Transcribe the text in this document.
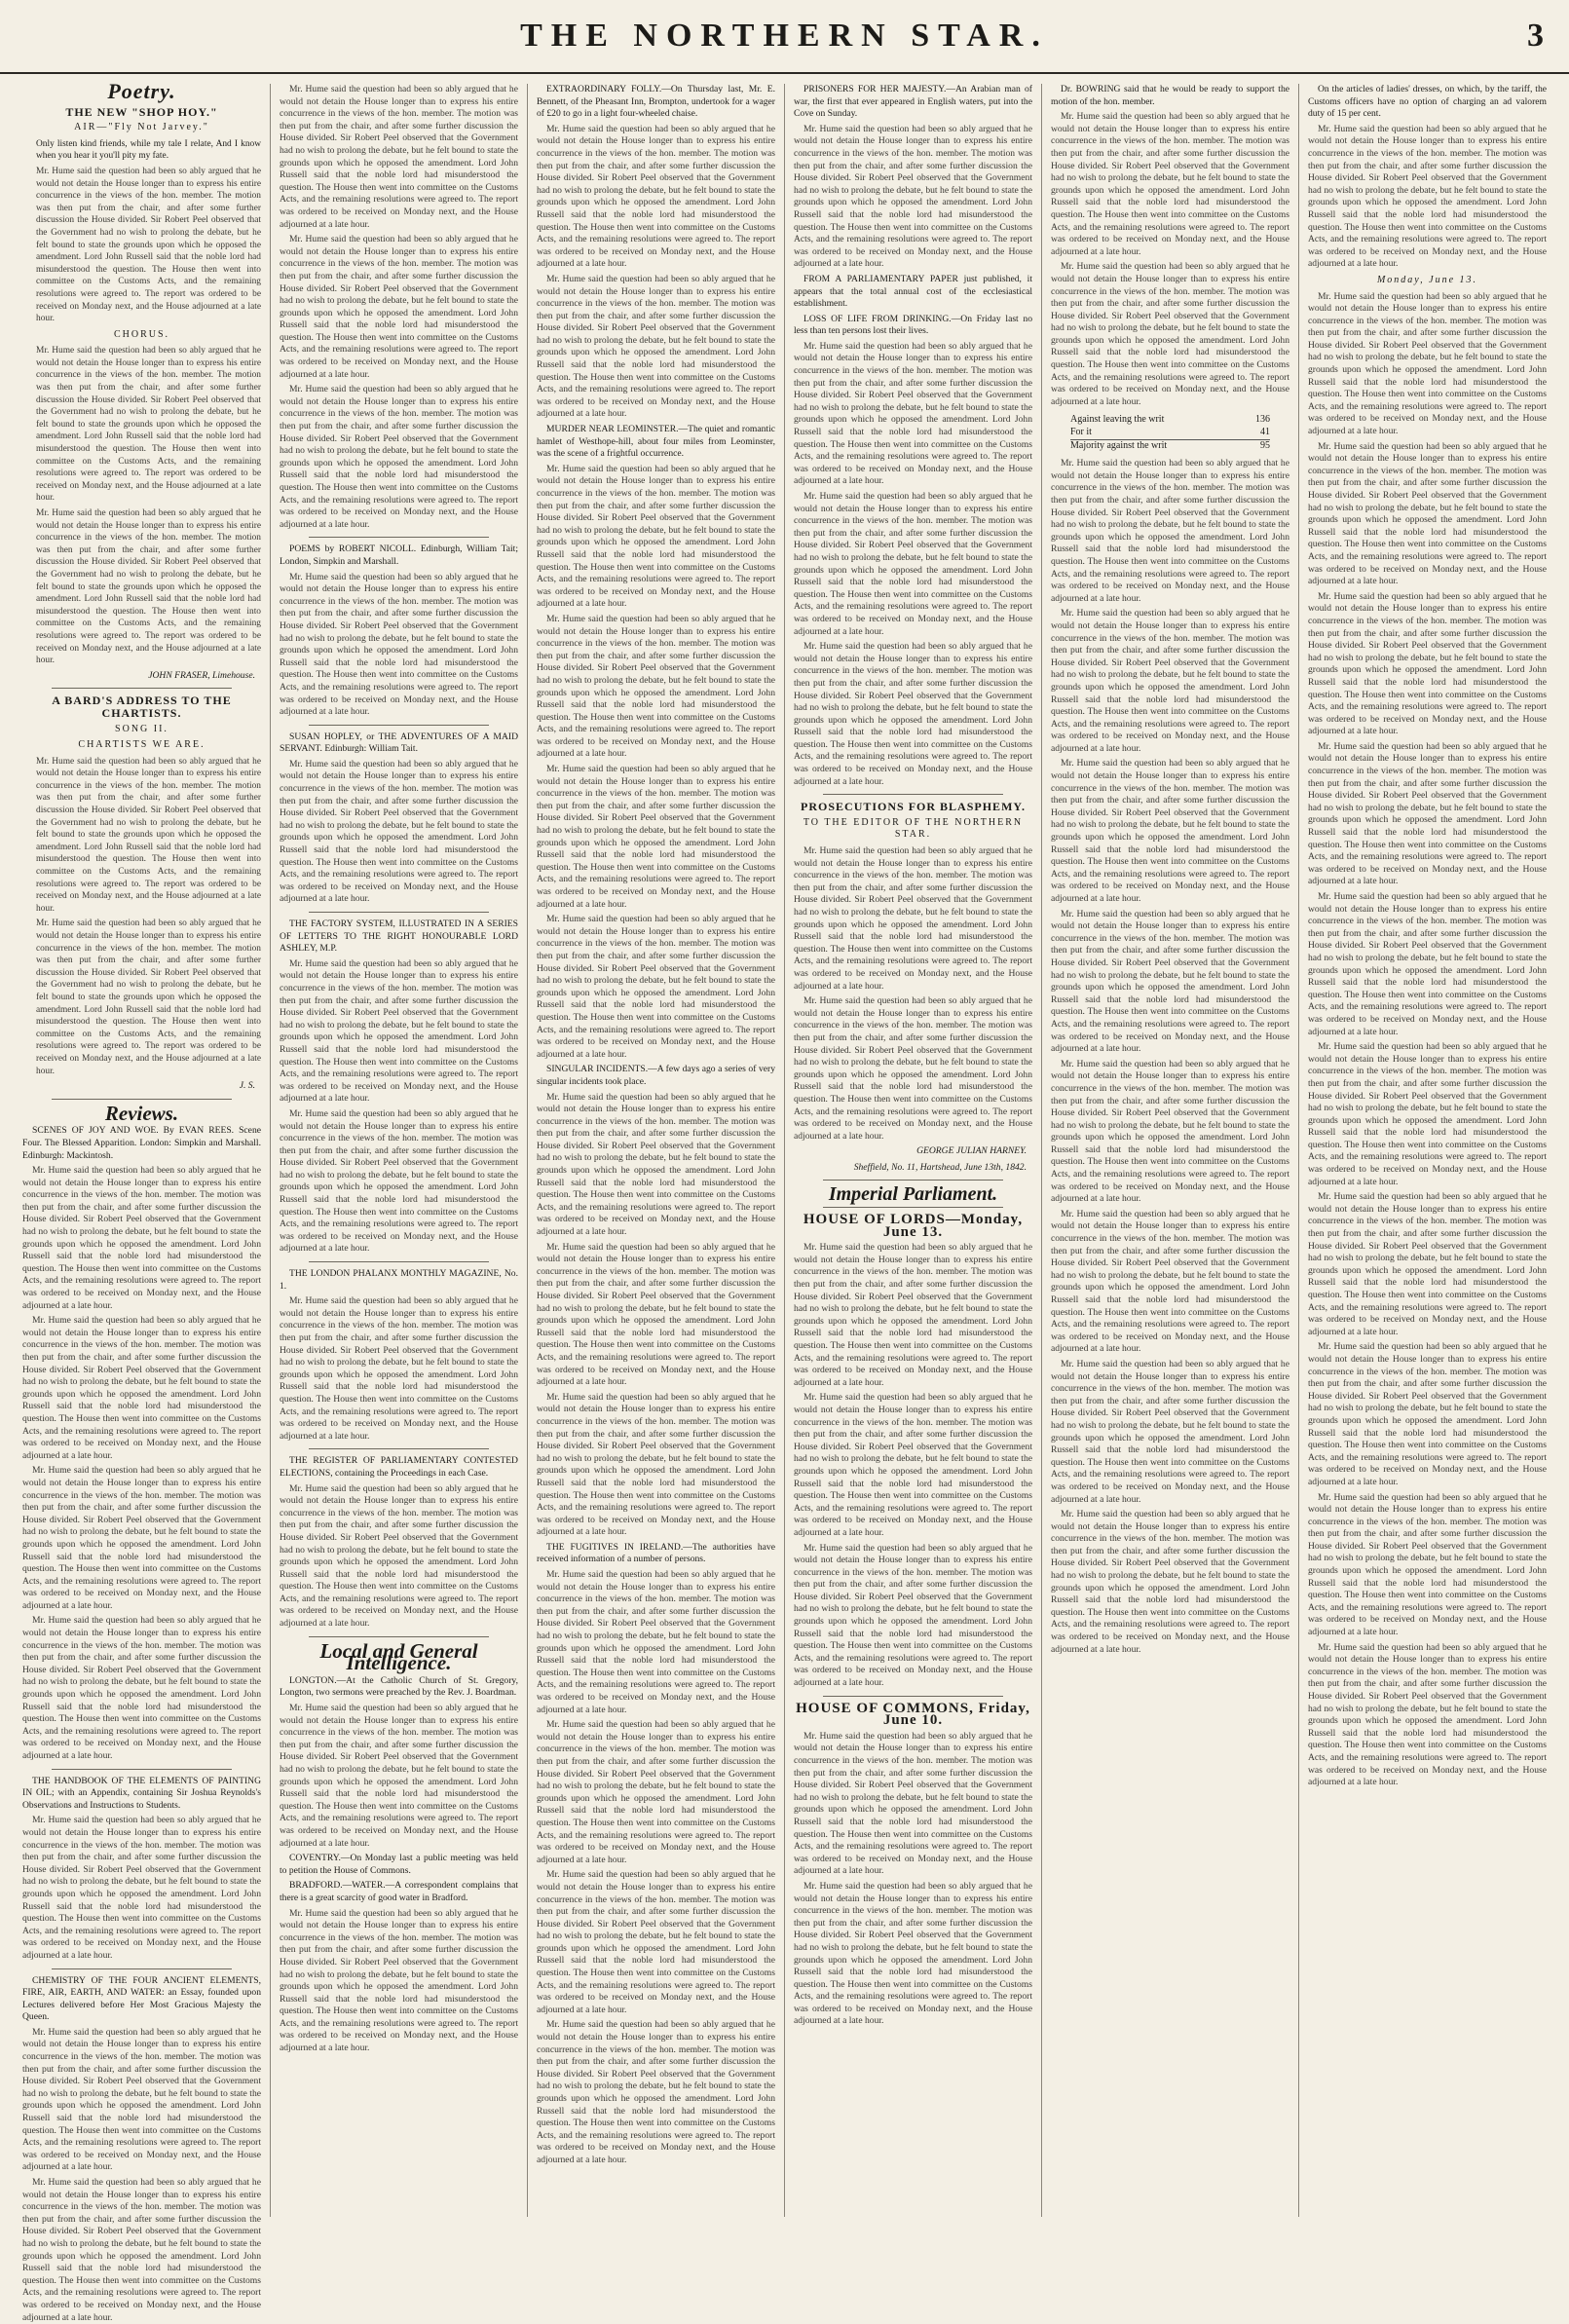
THE NORTHERN STAR.	3
Poetry.
THE NEW "SHOP HOY."
AIR—"Fly Not Jarvey."

Only listen kind friends, while my tale I relate, And I know when you hear it you'll pity my fate.

Mr. Hume said the question had been so ably argued that he would not detain the House longer than to express his entire concurrence in the views of the hon. member. The motion was then put from the chair, and after some further discussion the House divided. Sir Robert Peel observed that the Government had no wish to prolong the debate, but he felt bound to state the grounds upon which he opposed the amendment. Lord John Russell said that the noble lord had misunderstood the question. The House then went into committee on the Customs Acts, and the remaining resolutions were agreed to. The report was ordered to be received on Monday next, and the House adjourned at a late hour.

CHORUS.

Mr. Hume said the question had been so ably argued that he would not detain the House longer than to express his entire concurrence in the views of the hon. member. The motion was then put from the chair, and after some further discussion the House divided. Sir Robert Peel observed that the Government had no wish to prolong the debate, but he felt bound to state the grounds upon which he opposed the amendment. Lord John Russell said that the noble lord had misunderstood the question. The House then went into committee on the Customs Acts, and the remaining resolutions were agreed to. The report was ordered to be received on Monday next, and the House adjourned at a late hour.

Mr. Hume said the question had been so ably argued that he would not detain the House longer than to express his entire concurrence in the views of the hon. member. The motion was then put from the chair, and after some further discussion the House divided. Sir Robert Peel observed that the Government had no wish to prolong the debate, but he felt bound to state the grounds upon which he opposed the amendment. Lord John Russell said that the noble lord had misunderstood the question. The House then went into committee on the Customs Acts, and the remaining resolutions were agreed to. The report was ordered to be received on Monday next, and the House adjourned at a late hour.

JOHN FRASER, Limehouse.
A BARD'S ADDRESS TO THE CHARTISTS.
SONG II.
CHARTISTS WE ARE.

Mr. Hume said the question had been so ably argued that he would not detain the House longer than to express his entire concurrence in the views of the hon. member. The motion was then put from the chair, and after some further discussion the House divided. Sir Robert Peel observed that the Government had no wish to prolong the debate, but he felt bound to state the grounds upon which he opposed the amendment. Lord John Russell said that the noble lord had misunderstood the question. The House then went into committee on the Customs Acts, and the remaining resolutions were agreed to. The report was ordered to be received on Monday next, and the House adjourned at a late hour.

Mr. Hume said the question had been so ably argued that he would not detain the House longer than to express his entire concurrence in the views of the hon. member. The motion was then put from the chair, and after some further discussion the House divided. Sir Robert Peel observed that the Government had no wish to prolong the debate, but he felt bound to state the grounds upon which he opposed the amendment. Lord John Russell said that the noble lord had misunderstood the question. The House then went into committee on the Customs Acts, and the remaining resolutions were agreed to. The report was ordered to be received on Monday next, and the House adjourned at a late hour.

J. S.
Reviews.

SCENES OF JOY AND WOE. By EVAN REES. Scene Four. The Blessed Apparition. London: Simpkin and Marshall. Edinburgh: Mackintosh.

Mr. Hume said the question had been so ably argued that he would not detain the House longer than to express his entire concurrence in the views of the hon. member. The motion was then put from the chair, and after some further discussion the House divided. Sir Robert Peel observed that the Government had no wish to prolong the debate, but he felt bound to state the grounds upon which he opposed the amendment. Lord John Russell said that the noble lord had misunderstood the question. The House then went into committee on the Customs Acts, and the remaining resolutions were agreed to. The report was ordered to be received on Monday next, and the House adjourned at a late hour.

Mr. Hume said the question had been so ably argued that he would not detain the House longer than to express his entire concurrence in the views of the hon. member. The motion was then put from the chair, and after some further discussion the House divided. Sir Robert Peel observed that the Government had no wish to prolong the debate, but he felt bound to state the grounds upon which he opposed the amendment. Lord John Russell said that the noble lord had misunderstood the question. The House then went into committee on the Customs Acts, and the remaining resolutions were agreed to. The report was ordered to be received on Monday next, and the House adjourned at a late hour.

Mr. Hume said the question had been so ably argued that he would not detain the House longer than to express his entire concurrence in the views of the hon. member. The motion was then put from the chair, and after some further discussion the House divided. Sir Robert Peel observed that the Government had no wish to prolong the debate, but he felt bound to state the grounds upon which he opposed the amendment. Lord John Russell said that the noble lord had misunderstood the question. The House then went into committee on the Customs Acts, and the remaining resolutions were agreed to. The report was ordered to be received on Monday next, and the House adjourned at a late hour.

Mr. Hume said the question had been so ably argued that he would not detain the House longer than to express his entire concurrence in the views of the hon. member. The motion was then put from the chair, and after some further discussion the House divided. Sir Robert Peel observed that the Government had no wish to prolong the debate, but he felt bound to state the grounds upon which he opposed the amendment. Lord John Russell said that the noble lord had misunderstood the question. The House then went into committee on the Customs Acts, and the remaining resolutions were agreed to. The report was ordered to be received on Monday next, and the House adjourned at a late hour.

THE HANDBOOK OF THE ELEMENTS OF PAINTING IN OIL; with an Appendix, containing Sir Joshua Reynolds's Observations and Instructions to Students.

Mr. Hume said the question had been so ably argued that he would not detain the House longer than to express his entire concurrence in the views of the hon. member. The motion was then put from the chair, and after some further discussion the House divided. Sir Robert Peel observed that the Government had no wish to prolong the debate, but he felt bound to state the grounds upon which he opposed the amendment. Lord John Russell said that the noble lord had misunderstood the question. The House then went into committee on the Customs Acts, and the remaining resolutions were agreed to. The report was ordered to be received on Monday next, and the House adjourned at a late hour.

CHEMISTRY OF THE FOUR ANCIENT ELEMENTS, FIRE, AIR, EARTH, AND WATER: an Essay, founded upon Lectures delivered before Her Most Gracious Majesty the Queen.

Mr. Hume said the question had been so ably argued that he would not detain the House longer than to express his entire concurrence in the views of the hon. member. The motion was then put from the chair, and after some further discussion the House divided. Sir Robert Peel observed that the Government had no wish to prolong the debate, but he felt bound to state the grounds upon which he opposed the amendment. Lord John Russell said that the noble lord had misunderstood the question. The House then went into committee on the Customs Acts, and the remaining resolutions were agreed to. The report was ordered to be received on Monday next, and the House adjourned at a late hour.

Mr. Hume said the question had been so ably argued that he would not detain the House longer than to express his entire concurrence in the views of the hon. member. The motion was then put from the chair, and after some further discussion the House divided. Sir Robert Peel observed that the Government had no wish to prolong the debate, but he felt bound to state the grounds upon which he opposed the amendment. Lord John Russell said that the noble lord had misunderstood the question. The House then went into committee on the Customs Acts, and the remaining resolutions were agreed to. The report was ordered to be received on Monday next, and the House adjourned at a late hour.

Mr. Hume said the question had been so ably argued that he would not detain the House longer than to express his entire concurrence in the views of the hon. member. The motion was then put from the chair, and after some further discussion the House divided. Sir Robert Peel observed that the Government had no wish to prolong the debate, but he felt bound to state the grounds upon which he opposed the amendment. Lord John Russell said that the noble lord had misunderstood the question. The House then went into committee on the Customs Acts, and the remaining resolutions were agreed to. The report was ordered to be received on Monday next, and the House adjourned at a late hour.

Mr. Hume said the question had been so ably argued that he would not detain the House longer than to express his entire concurrence in the views of the hon. member. The motion was then put from the chair, and after some further discussion the House divided. Sir Robert Peel observed that the Government had no wish to prolong the debate, but he felt bound to state the grounds upon which he opposed the amendment. Lord John Russell said that the noble lord had misunderstood the question. The House then went into committee on the Customs Acts, and the remaining resolutions were agreed to. The report was ordered to be received on Monday next, and the House adjourned at a late hour.

Mr. Hume said the question had been so ably argued that he would not detain the House longer than to express his entire concurrence in the views of the hon. member. The motion was then put from the chair, and after some further discussion the House divided. Sir Robert Peel observed that the Government had no wish to prolong the debate, but he felt bound to state the grounds upon which he opposed the amendment. Lord John Russell said that the noble lord had misunderstood the question. The House then went into committee on the Customs Acts, and the remaining resolutions were agreed to. The report was ordered to be received on Monday next, and the House adjourned at a late hour.

POEMS by ROBERT NICOLL. Edinburgh, William Tait; London, Simpkin and Marshall.

Mr. Hume said the question had been so ably argued that he would not detain the House longer than to express his entire concurrence in the views of the hon. member. The motion was then put from the chair, and after some further discussion the House divided. Sir Robert Peel observed that the Government had no wish to prolong the debate, but he felt bound to state the grounds upon which he opposed the amendment. Lord John Russell said that the noble lord had misunderstood the question. The House then went into committee on the Customs Acts, and the remaining resolutions were agreed to. The report was ordered to be received on Monday next, and the House adjourned at a late hour.

SUSAN HOPLEY, or THE ADVENTURES OF A MAID SERVANT. Edinburgh: William Tait.

Mr. Hume said the question had been so ably argued that he would not detain the House longer than to express his entire concurrence in the views of the hon. member. The motion was then put from the chair, and after some further discussion the House divided. Sir Robert Peel observed that the Government had no wish to prolong the debate, but he felt bound to state the grounds upon which he opposed the amendment. Lord John Russell said that the noble lord had misunderstood the question. The House then went into committee on the Customs Acts, and the remaining resolutions were agreed to. The report was ordered to be received on Monday next, and the House adjourned at a late hour.

THE FACTORY SYSTEM, ILLUSTRATED IN A SERIES OF LETTERS TO THE RIGHT HONOURABLE LORD ASHLEY, M.P.

Mr. Hume said the question had been so ably argued that he would not detain the House longer than to express his entire concurrence in the views of the hon. member. The motion was then put from the chair, and after some further discussion the House divided. Sir Robert Peel observed that the Government had no wish to prolong the debate, but he felt bound to state the grounds upon which he opposed the amendment. Lord John Russell said that the noble lord had misunderstood the question. The House then went into committee on the Customs Acts, and the remaining resolutions were agreed to. The report was ordered to be received on Monday next, and the House adjourned at a late hour.

Mr. Hume said the question had been so ably argued that he would not detain the House longer than to express his entire concurrence in the views of the hon. member. The motion was then put from the chair, and after some further discussion the House divided. Sir Robert Peel observed that the Government had no wish to prolong the debate, but he felt bound to state the grounds upon which he opposed the amendment. Lord John Russell said that the noble lord had misunderstood the question. The House then went into committee on the Customs Acts, and the remaining resolutions were agreed to. The report was ordered to be received on Monday next, and the House adjourned at a late hour.

THE LONDON PHALANX MONTHLY MAGAZINE, No. 1.

Mr. Hume said the question had been so ably argued that he would not detain the House longer than to express his entire concurrence in the views of the hon. member. The motion was then put from the chair, and after some further discussion the House divided. Sir Robert Peel observed that the Government had no wish to prolong the debate, but he felt bound to state the grounds upon which he opposed the amendment. Lord John Russell said that the noble lord had misunderstood the question. The House then went into committee on the Customs Acts, and the remaining resolutions were agreed to. The report was ordered to be received on Monday next, and the House adjourned at a late hour.

THE REGISTER OF PARLIAMENTARY CONTESTED ELECTIONS, containing the Proceedings in each Case.

Mr. Hume said the question had been so ably argued that he would not detain the House longer than to express his entire concurrence in the views of the hon. member. The motion was then put from the chair, and after some further discussion the House divided. Sir Robert Peel observed that the Government had no wish to prolong the debate, but he felt bound to state the grounds upon which he opposed the amendment. Lord John Russell said that the noble lord had misunderstood the question. The House then went into committee on the Customs Acts, and the remaining resolutions were agreed to. The report was ordered to be received on Monday next, and the House adjourned at a late hour.

Local and General Intelligence.

LONGTON.—At the Catholic Church of St. Gregory, Longton, two sermons were preached by the Rev. J. Boardman.

Mr. Hume said the question had been so ably argued that he would not detain the House longer than to express his entire concurrence in the views of the hon. member. The motion was then put from the chair, and after some further discussion the House divided. Sir Robert Peel observed that the Government had no wish to prolong the debate, but he felt bound to state the grounds upon which he opposed the amendment. Lord John Russell said that the noble lord had misunderstood the question. The House then went into committee on the Customs Acts, and the remaining resolutions were agreed to. The report was ordered to be received on Monday next, and the House adjourned at a late hour.

COVENTRY.—On Monday last a public meeting was held to petition the House of Commons.

BRADFORD.—WATER.—A correspondent complains that there is a great scarcity of good water in Bradford.

Mr. Hume said the question had been so ably argued that he would not detain the House longer than to express his entire concurrence in the views of the hon. member. The motion was then put from the chair, and after some further discussion the House divided. Sir Robert Peel observed that the Government had no wish to prolong the debate, but he felt bound to state the grounds upon which he opposed the amendment. Lord John Russell said that the noble lord had misunderstood the question. The House then went into committee on the Customs Acts, and the remaining resolutions were agreed to. The report was ordered to be received on Monday next, and the House adjourned at a late hour.

EXTRAORDINARY FOLLY.—On Thursday last, Mr. E. Bennett, of the Pheasant Inn, Brompton, undertook for a wager of £20 to go in a light four-wheeled chaise.

Mr. Hume said the question had been so ably argued that he would not detain the House longer than to express his entire concurrence in the views of the hon. member. The motion was then put from the chair, and after some further discussion the House divided. Sir Robert Peel observed that the Government had no wish to prolong the debate, but he felt bound to state the grounds upon which he opposed the amendment. Lord John Russell said that the noble lord had misunderstood the question. The House then went into committee on the Customs Acts, and the remaining resolutions were agreed to. The report was ordered to be received on Monday next, and the House adjourned at a late hour.

Mr. Hume said the question had been so ably argued that he would not detain the House longer than to express his entire concurrence in the views of the hon. member. The motion was then put from the chair, and after some further discussion the House divided. Sir Robert Peel observed that the Government had no wish to prolong the debate, but he felt bound to state the grounds upon which he opposed the amendment. Lord John Russell said that the noble lord had misunderstood the question. The House then went into committee on the Customs Acts, and the remaining resolutions were agreed to. The report was ordered to be received on Monday next, and the House adjourned at a late hour.

MURDER NEAR LEOMINSTER.—The quiet and romantic hamlet of Westhope-hill, about four miles from Leominster, was the scene of a frightful occurrence.

Mr. Hume said the question had been so ably argued that he would not detain the House longer than to express his entire concurrence in the views of the hon. member. The motion was then put from the chair, and after some further discussion the House divided. Sir Robert Peel observed that the Government had no wish to prolong the debate, but he felt bound to state the grounds upon which he opposed the amendment. Lord John Russell said that the noble lord had misunderstood the question. The House then went into committee on the Customs Acts, and the remaining resolutions were agreed to. The report was ordered to be received on Monday next, and the House adjourned at a late hour.

Mr. Hume said the question had been so ably argued that he would not detain the House longer than to express his entire concurrence in the views of the hon. member. The motion was then put from the chair, and after some further discussion the House divided. Sir Robert Peel observed that the Government had no wish to prolong the debate, but he felt bound to state the grounds upon which he opposed the amendment. Lord John Russell said that the noble lord had misunderstood the question. The House then went into committee on the Customs Acts, and the remaining resolutions were agreed to. The report was ordered to be received on Monday next, and the House adjourned at a late hour.

Mr. Hume said the question had been so ably argued that he would not detain the House longer than to express his entire concurrence in the views of the hon. member. The motion was then put from the chair, and after some further discussion the House divided. Sir Robert Peel observed that the Government had no wish to prolong the debate, but he felt bound to state the grounds upon which he opposed the amendment. Lord John Russell said that the noble lord had misunderstood the question. The House then went into committee on the Customs Acts, and the remaining resolutions were agreed to. The report was ordered to be received on Monday next, and the House adjourned at a late hour.

Mr. Hume said the question had been so ably argued that he would not detain the House longer than to express his entire concurrence in the views of the hon. member. The motion was then put from the chair, and after some further discussion the House divided. Sir Robert Peel observed that the Government had no wish to prolong the debate, but he felt bound to state the grounds upon which he opposed the amendment. Lord John Russell said that the noble lord had misunderstood the question. The House then went into committee on the Customs Acts, and the remaining resolutions were agreed to. The report was ordered to be received on Monday next, and the House adjourned at a late hour.

SINGULAR INCIDENTS.—A few days ago a series of very singular incidents took place.

Mr. Hume said the question had been so ably argued that he would not detain the House longer than to express his entire concurrence in the views of the hon. member. The motion was then put from the chair, and after some further discussion the House divided. Sir Robert Peel observed that the Government had no wish to prolong the debate, but he felt bound to state the grounds upon which he opposed the amendment. Lord John Russell said that the noble lord had misunderstood the question. The House then went into committee on the Customs Acts, and the remaining resolutions were agreed to. The report was ordered to be received on Monday next, and the House adjourned at a late hour.

Mr. Hume said the question had been so ably argued that he would not detain the House longer than to express his entire concurrence in the views of the hon. member. The motion was then put from the chair, and after some further discussion the House divided. Sir Robert Peel observed that the Government had no wish to prolong the debate, but he felt bound to state the grounds upon which he opposed the amendment. Lord John Russell said that the noble lord had misunderstood the question. The House then went into committee on the Customs Acts, and the remaining resolutions were agreed to. The report was ordered to be received on Monday next, and the House adjourned at a late hour.

Mr. Hume said the question had been so ably argued that he would not detain the House longer than to express his entire concurrence in the views of the hon. member. The motion was then put from the chair, and after some further discussion the House divided. Sir Robert Peel observed that the Government had no wish to prolong the debate, but he felt bound to state the grounds upon which he opposed the amendment. Lord John Russell said that the noble lord had misunderstood the question. The House then went into committee on the Customs Acts, and the remaining resolutions were agreed to. The report was ordered to be received on Monday next, and the House adjourned at a late hour.

THE FUGITIVES IN IRELAND.—The authorities have received information of a number of persons.

Mr. Hume said the question had been so ably argued that he would not detain the House longer than to express his entire concurrence in the views of the hon. member. The motion was then put from the chair, and after some further discussion the House divided. Sir Robert Peel observed that the Government had no wish to prolong the debate, but he felt bound to state the grounds upon which he opposed the amendment. Lord John Russell said that the noble lord had misunderstood the question. The House then went into committee on the Customs Acts, and the remaining resolutions were agreed to. The report was ordered to be received on Monday next, and the House adjourned at a late hour.

Mr. Hume said the question had been so ably argued that he would not detain the House longer than to express his entire concurrence in the views of the hon. member. The motion was then put from the chair, and after some further discussion the House divided. Sir Robert Peel observed that the Government had no wish to prolong the debate, but he felt bound to state the grounds upon which he opposed the amendment. Lord John Russell said that the noble lord had misunderstood the question. The House then went into committee on the Customs Acts, and the remaining resolutions were agreed to. The report was ordered to be received on Monday next, and the House adjourned at a late hour.

Mr. Hume said the question had been so ably argued that he would not detain the House longer than to express his entire concurrence in the views of the hon. member. The motion was then put from the chair, and after some further discussion the House divided. Sir Robert Peel observed that the Government had no wish to prolong the debate, but he felt bound to state the grounds upon which he opposed the amendment. Lord John Russell said that the noble lord had misunderstood the question. The House then went into committee on the Customs Acts, and the remaining resolutions were agreed to. The report was ordered to be received on Monday next, and the House adjourned at a late hour.

Mr. Hume said the question had been so ably argued that he would not detain the House longer than to express his entire concurrence in the views of the hon. member. The motion was then put from the chair, and after some further discussion the House divided. Sir Robert Peel observed that the Government had no wish to prolong the debate, but he felt bound to state the grounds upon which he opposed the amendment. Lord John Russell said that the noble lord had misunderstood the question. The House then went into committee on the Customs Acts, and the remaining resolutions were agreed to. The report was ordered to be received on Monday next, and the House adjourned at a late hour.

PRISONERS FOR HER MAJESTY.—An Arabian man of war, the first that ever appeared in English waters, put into the Cove on Sunday.

Mr. Hume said the question had been so ably argued that he would not detain the House longer than to express his entire concurrence in the views of the hon. member. The motion was then put from the chair, and after some further discussion the House divided. Sir Robert Peel observed that the Government had no wish to prolong the debate, but he felt bound to state the grounds upon which he opposed the amendment. Lord John Russell said that the noble lord had misunderstood the question. The House then went into committee on the Customs Acts, and the remaining resolutions were agreed to. The report was ordered to be received on Monday next, and the House adjourned at a late hour.

FROM A PARLIAMENTARY PAPER just published, it appears that the total annual cost of the ecclesiastical establishment.

LOSS OF LIFE FROM DRINKING.—On Friday last no less than ten persons lost their lives.

Mr. Hume said the question had been so ably argued that he would not detain the House longer than to express his entire concurrence in the views of the hon. member. The motion was then put from the chair, and after some further discussion the House divided. Sir Robert Peel observed that the Government had no wish to prolong the debate, but he felt bound to state the grounds upon which he opposed the amendment. Lord John Russell said that the noble lord had misunderstood the question. The House then went into committee on the Customs Acts, and the remaining resolutions were agreed to. The report was ordered to be received on Monday next, and the House adjourned at a late hour.

Mr. Hume said the question had been so ably argued that he would not detain the House longer than to express his entire concurrence in the views of the hon. member. The motion was then put from the chair, and after some further discussion the House divided. Sir Robert Peel observed that the Government had no wish to prolong the debate, but he felt bound to state the grounds upon which he opposed the amendment. Lord John Russell said that the noble lord had misunderstood the question. The House then went into committee on the Customs Acts, and the remaining resolutions were agreed to. The report was ordered to be received on Monday next, and the House adjourned at a late hour.

Mr. Hume said the question had been so ably argued that he would not detain the House longer than to express his entire concurrence in the views of the hon. member. The motion was then put from the chair, and after some further discussion the House divided. Sir Robert Peel observed that the Government had no wish to prolong the debate, but he felt bound to state the grounds upon which he opposed the amendment. Lord John Russell said that the noble lord had misunderstood the question. The House then went into committee on the Customs Acts, and the remaining resolutions were agreed to. The report was ordered to be received on Monday next, and the House adjourned at a late hour.

PROSECUTIONS FOR BLASPHEMY.
TO THE EDITOR OF THE NORTHERN STAR.

Mr. Hume said the question had been so ably argued that he would not detain the House longer than to express his entire concurrence in the views of the hon. member. The motion was then put from the chair, and after some further discussion the House divided. Sir Robert Peel observed that the Government had no wish to prolong the debate, but he felt bound to state the grounds upon which he opposed the amendment. Lord John Russell said that the noble lord had misunderstood the question. The House then went into committee on the Customs Acts, and the remaining resolutions were agreed to. The report was ordered to be received on Monday next, and the House adjourned at a late hour.

Mr. Hume said the question had been so ably argued that he would not detain the House longer than to express his entire concurrence in the views of the hon. member. The motion was then put from the chair, and after some further discussion the House divided. Sir Robert Peel observed that the Government had no wish to prolong the debate, but he felt bound to state the grounds upon which he opposed the amendment. Lord John Russell said that the noble lord had misunderstood the question. The House then went into committee on the Customs Acts, and the remaining resolutions were agreed to. The report was ordered to be received on Monday next, and the House adjourned at a late hour.

GEORGE JULIAN HARNEY.
Sheffield, No. 11, Hartshead, June 13th, 1842.
Imperial Parliament.
HOUSE OF LORDS—Monday, June 13.

Mr. Hume said the question had been so ably argued that he would not detain the House longer than to express his entire concurrence in the views of the hon. member. The motion was then put from the chair, and after some further discussion the House divided. Sir Robert Peel observed that the Government had no wish to prolong the debate, but he felt bound to state the grounds upon which he opposed the amendment. Lord John Russell said that the noble lord had misunderstood the question. The House then went into committee on the Customs Acts, and the remaining resolutions were agreed to. The report was ordered to be received on Monday next, and the House adjourned at a late hour.

Mr. Hume said the question had been so ably argued that he would not detain the House longer than to express his entire concurrence in the views of the hon. member. The motion was then put from the chair, and after some further discussion the House divided. Sir Robert Peel observed that the Government had no wish to prolong the debate, but he felt bound to state the grounds upon which he opposed the amendment. Lord John Russell said that the noble lord had misunderstood the question. The House then went into committee on the Customs Acts, and the remaining resolutions were agreed to. The report was ordered to be received on Monday next, and the House adjourned at a late hour.

Mr. Hume said the question had been so ably argued that he would not detain the House longer than to express his entire concurrence in the views of the hon. member. The motion was then put from the chair, and after some further discussion the House divided. Sir Robert Peel observed that the Government had no wish to prolong the debate, but he felt bound to state the grounds upon which he opposed the amendment. Lord John Russell said that the noble lord had misunderstood the question. The House then went into committee on the Customs Acts, and the remaining resolutions were agreed to. The report was ordered to be received on Monday next, and the House adjourned at a late hour.

HOUSE OF COMMONS, Friday, June 10.

Mr. Hume said the question had been so ably argued that he would not detain the House longer than to express his entire concurrence in the views of the hon. member. The motion was then put from the chair, and after some further discussion the House divided. Sir Robert Peel observed that the Government had no wish to prolong the debate, but he felt bound to state the grounds upon which he opposed the amendment. Lord John Russell said that the noble lord had misunderstood the question. The House then went into committee on the Customs Acts, and the remaining resolutions were agreed to. The report was ordered to be received on Monday next, and the House adjourned at a late hour.

Mr. Hume said the question had been so ably argued that he would not detain the House longer than to express his entire concurrence in the views of the hon. member. The motion was then put from the chair, and after some further discussion the House divided. Sir Robert Peel observed that the Government had no wish to prolong the debate, but he felt bound to state the grounds upon which he opposed the amendment. Lord John Russell said that the noble lord had misunderstood the question. The House then went into committee on the Customs Acts, and the remaining resolutions were agreed to. The report was ordered to be received on Monday next, and the House adjourned at a late hour.

Dr. BOWRING said that he would be ready to support the motion of the hon. member.

Mr. Hume said the question had been so ably argued that he would not detain the House longer than to express his entire concurrence in the views of the hon. member. The motion was then put from the chair, and after some further discussion the House divided. Sir Robert Peel observed that the Government had no wish to prolong the debate, but he felt bound to state the grounds upon which he opposed the amendment. Lord John Russell said that the noble lord had misunderstood the question. The House then went into committee on the Customs Acts, and the remaining resolutions were agreed to. The report was ordered to be received on Monday next, and the House adjourned at a late hour.

Mr. Hume said the question had been so ably argued that he would not detain the House longer than to express his entire concurrence in the views of the hon. member. The motion was then put from the chair, and after some further discussion the House divided. Sir Robert Peel observed that the Government had no wish to prolong the debate, but he felt bound to state the grounds upon which he opposed the amendment. Lord John Russell said that the noble lord had misunderstood the question. The House then went into committee on the Customs Acts, and the remaining resolutions were agreed to. The report was ordered to be received on Monday next, and the House adjourned at a late hour.

Against leaving the writ	136
For it	41
Majority against the writ	95

Mr. Hume said the question had been so ably argued that he would not detain the House longer than to express his entire concurrence in the views of the hon. member. The motion was then put from the chair, and after some further discussion the House divided. Sir Robert Peel observed that the Government had no wish to prolong the debate, but he felt bound to state the grounds upon which he opposed the amendment. Lord John Russell said that the noble lord had misunderstood the question. The House then went into committee on the Customs Acts, and the remaining resolutions were agreed to. The report was ordered to be received on Monday next, and the House adjourned at a late hour.

Mr. Hume said the question had been so ably argued that he would not detain the House longer than to express his entire concurrence in the views of the hon. member. The motion was then put from the chair, and after some further discussion the House divided. Sir Robert Peel observed that the Government had no wish to prolong the debate, but he felt bound to state the grounds upon which he opposed the amendment. Lord John Russell said that the noble lord had misunderstood the question. The House then went into committee on the Customs Acts, and the remaining resolutions were agreed to. The report was ordered to be received on Monday next, and the House adjourned at a late hour.

Mr. Hume said the question had been so ably argued that he would not detain the House longer than to express his entire concurrence in the views of the hon. member. The motion was then put from the chair, and after some further discussion the House divided. Sir Robert Peel observed that the Government had no wish to prolong the debate, but he felt bound to state the grounds upon which he opposed the amendment. Lord John Russell said that the noble lord had misunderstood the question. The House then went into committee on the Customs Acts, and the remaining resolutions were agreed to. The report was ordered to be received on Monday next, and the House adjourned at a late hour.

Mr. Hume said the question had been so ably argued that he would not detain the House longer than to express his entire concurrence in the views of the hon. member. The motion was then put from the chair, and after some further discussion the House divided. Sir Robert Peel observed that the Government had no wish to prolong the debate, but he felt bound to state the grounds upon which he opposed the amendment. Lord John Russell said that the noble lord had misunderstood the question. The House then went into committee on the Customs Acts, and the remaining resolutions were agreed to. The report was ordered to be received on Monday next, and the House adjourned at a late hour.

Mr. Hume said the question had been so ably argued that he would not detain the House longer than to express his entire concurrence in the views of the hon. member. The motion was then put from the chair, and after some further discussion the House divided. Sir Robert Peel observed that the Government had no wish to prolong the debate, but he felt bound to state the grounds upon which he opposed the amendment. Lord John Russell said that the noble lord had misunderstood the question. The House then went into committee on the Customs Acts, and the remaining resolutions were agreed to. The report was ordered to be received on Monday next, and the House adjourned at a late hour.

Mr. Hume said the question had been so ably argued that he would not detain the House longer than to express his entire concurrence in the views of the hon. member. The motion was then put from the chair, and after some further discussion the House divided. Sir Robert Peel observed that the Government had no wish to prolong the debate, but he felt bound to state the grounds upon which he opposed the amendment. Lord John Russell said that the noble lord had misunderstood the question. The House then went into committee on the Customs Acts, and the remaining resolutions were agreed to. The report was ordered to be received on Monday next, and the House adjourned at a late hour.

Mr. Hume said the question had been so ably argued that he would not detain the House longer than to express his entire concurrence in the views of the hon. member. The motion was then put from the chair, and after some further discussion the House divided. Sir Robert Peel observed that the Government had no wish to prolong the debate, but he felt bound to state the grounds upon which he opposed the amendment. Lord John Russell said that the noble lord had misunderstood the question. The House then went into committee on the Customs Acts, and the remaining resolutions were agreed to. The report was ordered to be received on Monday next, and the House adjourned at a late hour.

Mr. Hume said the question had been so ably argued that he would not detain the House longer than to express his entire concurrence in the views of the hon. member. The motion was then put from the chair, and after some further discussion the House divided. Sir Robert Peel observed that the Government had no wish to prolong the debate, but he felt bound to state the grounds upon which he opposed the amendment. Lord John Russell said that the noble lord had misunderstood the question. The House then went into committee on the Customs Acts, and the remaining resolutions were agreed to. The report was ordered to be received on Monday next, and the House adjourned at a late hour.

On the articles of ladies' dresses, on which, by the tariff, the Customs officers have no option of charging an ad valorem duty of 15 per cent.

Mr. Hume said the question had been so ably argued that he would not detain the House longer than to express his entire concurrence in the views of the hon. member. The motion was then put from the chair, and after some further discussion the House divided. Sir Robert Peel observed that the Government had no wish to prolong the debate, but he felt bound to state the grounds upon which he opposed the amendment. Lord John Russell said that the noble lord had misunderstood the question. The House then went into committee on the Customs Acts, and the remaining resolutions were agreed to. The report was ordered to be received on Monday next, and the House adjourned at a late hour.

Monday, June 13.

Mr. Hume said the question had been so ably argued that he would not detain the House longer than to express his entire concurrence in the views of the hon. member. The motion was then put from the chair, and after some further discussion the House divided. Sir Robert Peel observed that the Government had no wish to prolong the debate, but he felt bound to state the grounds upon which he opposed the amendment. Lord John Russell said that the noble lord had misunderstood the question. The House then went into committee on the Customs Acts, and the remaining resolutions were agreed to. The report was ordered to be received on Monday next, and the House adjourned at a late hour.

Mr. Hume said the question had been so ably argued that he would not detain the House longer than to express his entire concurrence in the views of the hon. member. The motion was then put from the chair, and after some further discussion the House divided. Sir Robert Peel observed that the Government had no wish to prolong the debate, but he felt bound to state the grounds upon which he opposed the amendment. Lord John Russell said that the noble lord had misunderstood the question. The House then went into committee on the Customs Acts, and the remaining resolutions were agreed to. The report was ordered to be received on Monday next, and the House adjourned at a late hour.

Mr. Hume said the question had been so ably argued that he would not detain the House longer than to express his entire concurrence in the views of the hon. member. The motion was then put from the chair, and after some further discussion the House divided. Sir Robert Peel observed that the Government had no wish to prolong the debate, but he felt bound to state the grounds upon which he opposed the amendment. Lord John Russell said that the noble lord had misunderstood the question. The House then went into committee on the Customs Acts, and the remaining resolutions were agreed to. The report was ordered to be received on Monday next, and the House adjourned at a late hour.

Mr. Hume said the question had been so ably argued that he would not detain the House longer than to express his entire concurrence in the views of the hon. member. The motion was then put from the chair, and after some further discussion the House divided. Sir Robert Peel observed that the Government had no wish to prolong the debate, but he felt bound to state the grounds upon which he opposed the amendment. Lord John Russell said that the noble lord had misunderstood the question. The House then went into committee on the Customs Acts, and the remaining resolutions were agreed to. The report was ordered to be received on Monday next, and the House adjourned at a late hour.

Mr. Hume said the question had been so ably argued that he would not detain the House longer than to express his entire concurrence in the views of the hon. member. The motion was then put from the chair, and after some further discussion the House divided. Sir Robert Peel observed that the Government had no wish to prolong the debate, but he felt bound to state the grounds upon which he opposed the amendment. Lord John Russell said that the noble lord had misunderstood the question. The House then went into committee on the Customs Acts, and the remaining resolutions were agreed to. The report was ordered to be received on Monday next, and the House adjourned at a late hour.

Mr. Hume said the question had been so ably argued that he would not detain the House longer than to express his entire concurrence in the views of the hon. member. The motion was then put from the chair, and after some further discussion the House divided. Sir Robert Peel observed that the Government had no wish to prolong the debate, but he felt bound to state the grounds upon which he opposed the amendment. Lord John Russell said that the noble lord had misunderstood the question. The House then went into committee on the Customs Acts, and the remaining resolutions were agreed to. The report was ordered to be received on Monday next, and the House adjourned at a late hour.

Mr. Hume said the question had been so ably argued that he would not detain the House longer than to express his entire concurrence in the views of the hon. member. The motion was then put from the chair, and after some further discussion the House divided. Sir Robert Peel observed that the Government had no wish to prolong the debate, but he felt bound to state the grounds upon which he opposed the amendment. Lord John Russell said that the noble lord had misunderstood the question. The House then went into committee on the Customs Acts, and the remaining resolutions were agreed to. The report was ordered to be received on Monday next, and the House adjourned at a late hour.

Mr. Hume said the question had been so ably argued that he would not detain the House longer than to express his entire concurrence in the views of the hon. member. The motion was then put from the chair, and after some further discussion the House divided. Sir Robert Peel observed that the Government had no wish to prolong the debate, but he felt bound to state the grounds upon which he opposed the amendment. Lord John Russell said that the noble lord had misunderstood the question. The House then went into committee on the Customs Acts, and the remaining resolutions were agreed to. The report was ordered to be received on Monday next, and the House adjourned at a late hour.

Mr. Hume said the question had been so ably argued that he would not detain the House longer than to express his entire concurrence in the views of the hon. member. The motion was then put from the chair, and after some further discussion the House divided. Sir Robert Peel observed that the Government had no wish to prolong the debate, but he felt bound to state the grounds upon which he opposed the amendment. Lord John Russell said that the noble lord had misunderstood the question. The House then went into committee on the Customs Acts, and the remaining resolutions were agreed to. The report was ordered to be received on Monday next, and the House adjourned at a late hour.

Mr. Hume said the question had been so ably argued that he would not detain the House longer than to express his entire concurrence in the views of the hon. member. The motion was then put from the chair, and after some further discussion the House divided. Sir Robert Peel observed that the Government had no wish to prolong the debate, but he felt bound to state the grounds upon which he opposed the amendment. Lord John Russell said that the noble lord had misunderstood the question. The House then went into committee on the Customs Acts, and the remaining resolutions were agreed to. The report was ordered to be received on Monday next, and the House adjourned at a late hour.
